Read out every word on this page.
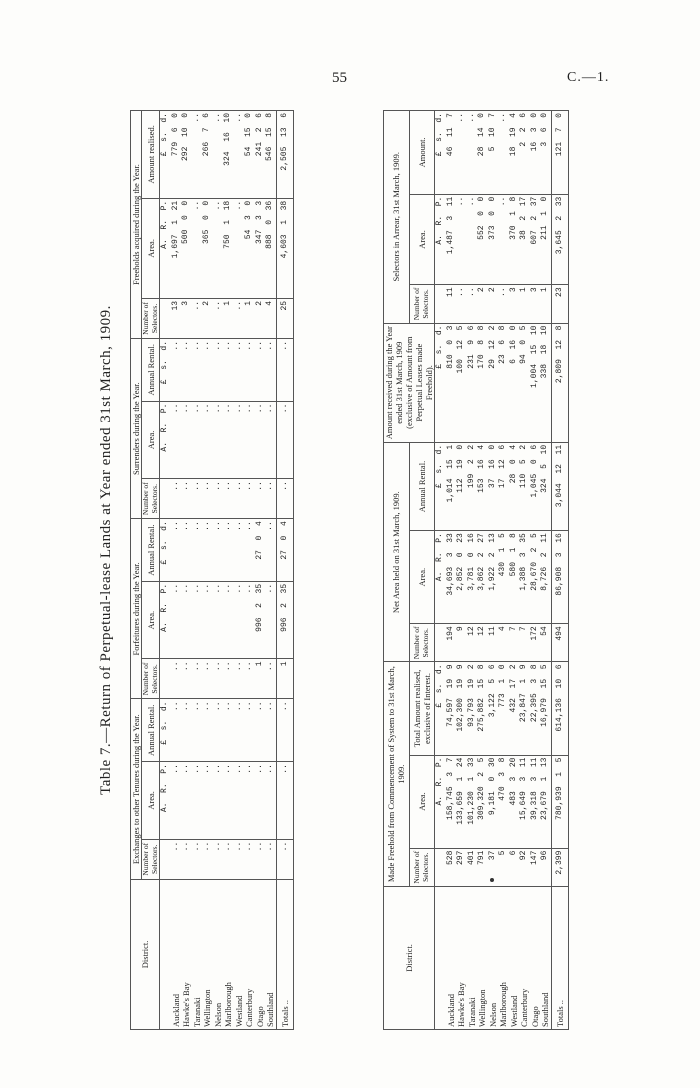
55	C.—1.
Table 7.—Return of Perpetual-lease Lands at Year ended 31st March, 1909.
District.	Exchanges to other Tenures during the Year.			Forfeitures during the Year.			Surrenders during the Year.			Freeholds acquired during the Year.		
	Number of Selectors.	Area.	Annual Rental.	Number of Selectors.	Area.	Annual Rental.	Number of Selectors.	Area.	Annual Rental.	Number of Selectors.	Area.	Amount realised.
		A.  R.  P.	£  s.  d.		A.  R.  P.	£  s.  d.		A.  R.  P.	£  s.  d.		A.  R.  P.	£  s.  d.
Auckland	..	..	..	..	..	..	..	..	..	13	1,697  1  21	779  6  0
Hawke's Bay	..	..	..	..	..	..	..	..	..	3	500  0  0	292  10  0
Taranaki	..	..	..	..	..	..	..	..	..	..	..	..
Wellington	..	..	..	..	..	..	..	..	..	2	365  0  0	266  7  6
Nelson	..	..	..	..	..	..	..	..	..	..	..	..
Marlborough	..	..	..	..	..	..	..	..	..	1	750  1  18	324  16  10
Westland	..	..	..	..	..	..	..	..	..	..	..	..
Canterbury	..	..	..	..	..	..	..	..	..	1	54  3  0	54  15  0
Otago	..	..	..	1	996  2  35	27  0  4	..	..	..	2	347  3  3	241  2  6
Southland	..	..	..	..	..	..	..	..	..	4	888  0  36	546  15  8
Totals ..	..	..	..	1	996  2  35	27  0  4	..	..	..	25	4,603  1  38	2,505  13  6
District.	Made Freehold from Commencement of System to 31st March, 1909.			Net Area held on 31st March, 1909.			Amount received during the Year ended 31st March, 1909 (exclusive of Amount from Perpetual Leases made Freehold).	Selectors in Arrear, 31st March, 1909.		
	Number of Selectors.	Area.	Total Amount realised, exclusive of Interest.	Number of Selectors.	Area.	Annual Rental.		Number of Selectors.	Area.	Amount.
		A.  R.  P.	£  s.  d.		A.  R.  P.	£  s.  d.	£  s.  d.		A.  R.  P.	£  s.  d.
Auckland	528	158,745  3  7	74,597  19  9	194	34,693  3  33	1,014  15  1	810  0  3	11	1,487  3  11	46  11  7
Hawke's Bay	297	133,659  1  24	102,300  19  9	9	2,852  0  23	112  19  0	100  12  5	..	..	..
Taranaki	401	101,230  1  33	93,793  19  2	12	3,781  0  16	199  2  2	231  9  6	..	..	..
Wellington	791	309,320  2  5	275,882  15  8	12	3,862  2  27	153  16  4	170  8  8	2	552  0  0	28  14  0
Nelson	37	9,181  0  30	3,122  5  6	11	1,922  2  13	37  16  0	29  12  2	2	373  0  0	5  10  7
Marlborough	5	470  3  8	773  1  0	4	430  1  5	17  12  6	23  6  8	..	..	..
Westland	6	483  3  20	432  17  2	7	580  1  8	28  0  4	6  16  0	3	370  1  8	18  19  4
Canterbury	92	15,649  3  11	23,847  1  9	7	1,388  3  35	110  5  2	94  0  5	1	38  2  17	2  2  6
Otago	147	39,318  3  11	22,395  3  8	172	28,670  2  5	1,045  0  6	1,004  15  10	3	607  2  37	16  3  0
Southland	96	23,679  1  13	16,979  15  5	54	8,726  2  11	324  5  10	338  18  10	1	211  1  0	3  6  0
Totals ..	2,399	780,939  1  5	614,136  10  6	494	86,908  3  16	3,044  12  11	2,809  12  8	23	3,645  2  33	121  7  0
